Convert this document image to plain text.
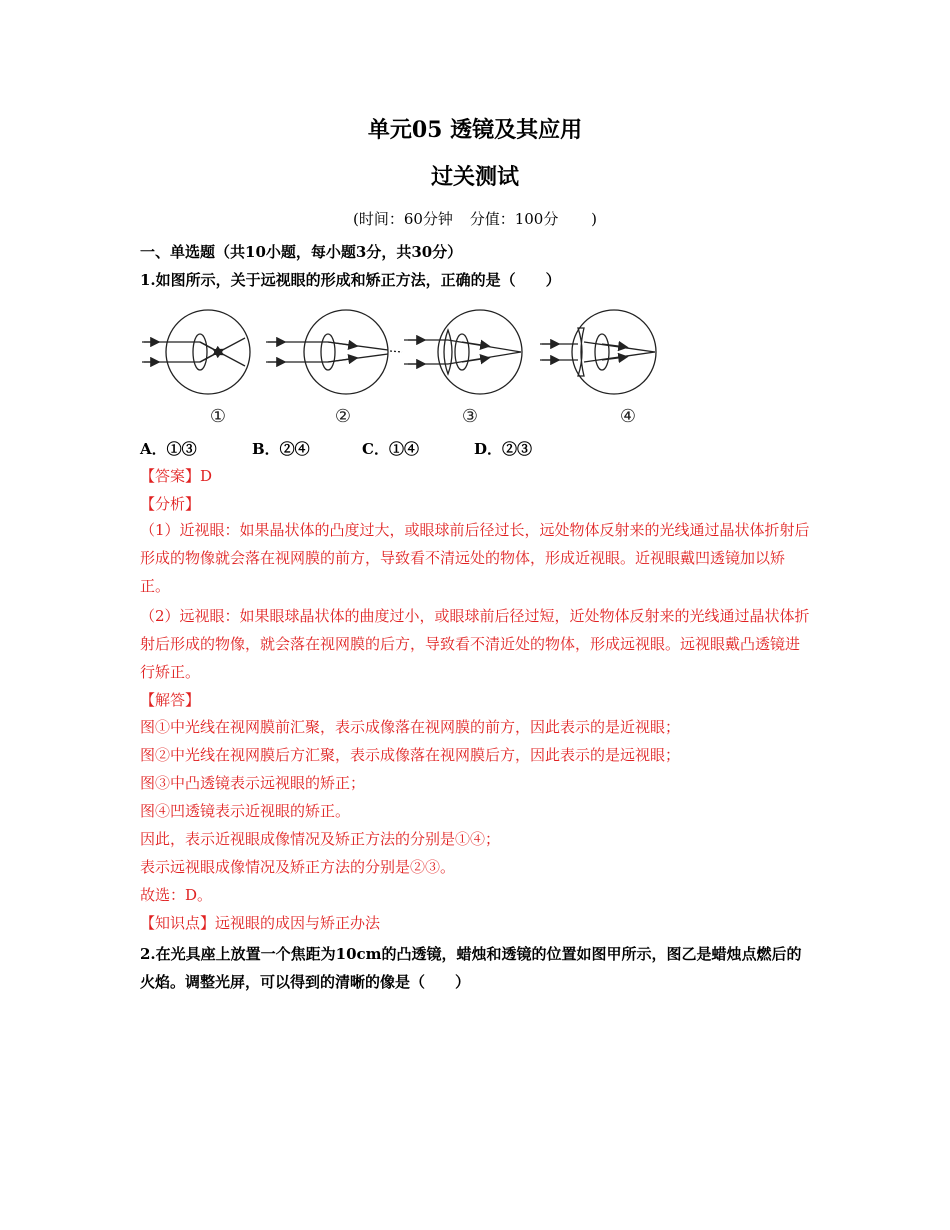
单元05 透镜及其应用
过关测试
(时间：60分钟 分值：100分 )
一、单选题（共10小题，每小题3分，共30分）
1.如图所示，关于远视眼的形成和矫正方法，正确的是（　　）
①	②	③	④
A．①③	B．②④	C．①④	D．②③
【答案】D
【分析】
（1）近视眼：如果晶状体的凸度过大，或眼球前后径过长，远处物体反射来的光线通过晶状体折射后形成的物像就会落在视网膜的前方，导致看不清远处的物体，形成近视眼。近视眼戴凹透镜加以矫正。
（2）远视眼：如果眼球晶状体的曲度过小，或眼球前后径过短，近处物体反射来的光线通过晶状体折射后形成的物像，就会落在视网膜的后方，导致看不清近处的物体，形成远视眼。远视眼戴凸透镜进行矫正。
【解答】
图①中光线在视网膜前汇聚，表示成像落在视网膜的前方，因此表示的是近视眼；
图②中光线在视网膜后方汇聚，表示成像落在视网膜后方，因此表示的是远视眼；
图③中凸透镜表示远视眼的矫正；
图④凹透镜表示近视眼的矫正。
因此，表示近视眼成像情况及矫正方法的分别是①④；
表示远视眼成像情况及矫正方法的分别是②③。
故选：D。
【知识点】远视眼的成因与矫正办法
2.在光具座上放置一个焦距为10cm的凸透镜，蜡烛和透镜的位置如图甲所示，图乙是蜡烛点燃后的火焰。调整光屏，可以得到的清晰的像是（　　）
